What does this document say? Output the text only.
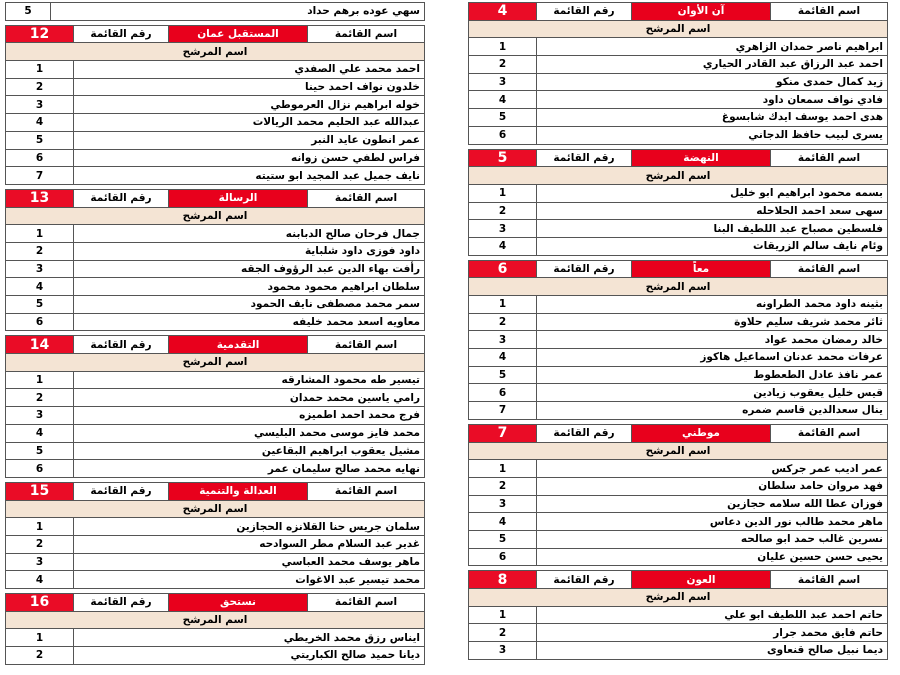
اسم القائمة	آن الأوان	رقم القائمة	4
اسم المرشح			
ابراهيم ناصر حمدان الزاهري			1
احمد عبد الرزاق عبد القادر الحياري			2
زيد كمال حمدى منكو			3
فادي نواف سمعان داود			4
هدى احمد يوسف ايدك شابسوغ			5
يسرى لبيب حافظ الدجاني			6
اسم القائمة	النهضة	رقم القائمة	5
اسم المرشح			
بسمه محمود ابراهيم ابو خليل			1
سهى سعد احمد الحلاحله			2
فلسطين مصباح عبد اللطيف البنا			3
وئام نايف سالم الزريقات			4
اسم القائمة	معاً	رقم القائمة	6
اسم المرشح			
بثينه داود محمد الطراونه			1
ثائر محمد شريف سليم حلاوة			2
خالد رمضان محمد عواد			3
عرفات محمد عدنان اسماعيل هاكوز			4
عمر نافذ عادل الطعطوط			5
قيس خليل يعقوب زيادين			6
ينال سعدالدين قاسم ضمره			7
اسم القائمة	موطني	رقم القائمة	7
اسم المرشح			
عمر اديب عمر جركس			1
فهد مروان حامد سلطان			2
فوزان عطا الله سلامه حجازين			3
ماهر محمد طالب نور الدين دعاس			4
نسرين غالب حمد ابو صالحه			5
يحيى حسن حسين عليان			6
اسم القائمة	العون	رقم القائمة	8
اسم المرشح			
حاتم احمد عبد اللطيف ابو علي			1
حاتم فايق محمد جرار			2
ديما نبيل صالح قنعاوى			3
سهي عوده برهم حداد	5
اسم القائمة	المستقبل عمان	رقم القائمة	12
اسم المرشح			
احمد محمد علي الصفدي			1
خلدون نواف احمد حينا			2
خوله ابراهيم نزال العرموطي			3
عبدالله عبد الحليم محمد الريالات			4
عمر انطون عايد النبر			5
فراس لطفي حسن زوانه			6
نايف جميل عبد المجيد ابو ستيته			7
اسم القائمة	الرسالة	رقم القائمة	13
اسم المرشح			
جمال فرحان صالح الدبابنه			1
داود فوزى داود شلباية			2
رأفت بهاء الدين عبد الرؤوف الجقه			3
سلطان ابراهيم محمود محمود			4
سمر محمد مصطفى نايف الحمود			5
معاويه اسعد محمد خليفه			6
اسم القائمة	التقدمية	رقم القائمة	14
اسم المرشح			
تيسير طه محمود المشارقه			1
رامي ياسين محمد حمدان			2
فرج محمد احمد اطميزه			3
محمد فايز موسى محمد البليسي			4
مشيل يعقوب ابراهيم البقاعين			5
نهايه محمد صالح سليمان عمر			6
اسم القائمة	العدالة والتنمية	رقم القائمة	15
اسم المرشح			
سلمان جريس حنا القلانزه الحجازين			1
غدير عبد السلام مطر السوادحه			2
ماهر يوسف محمد العباسي			3
محمد تيسير عبد الاغوات			4
اسم القائمة	نستحق	رقم القائمة	16
اسم المرشح			
ايناس رزق محمد الخريطي			1
ديانا حميد صالح الكباريتي			2
